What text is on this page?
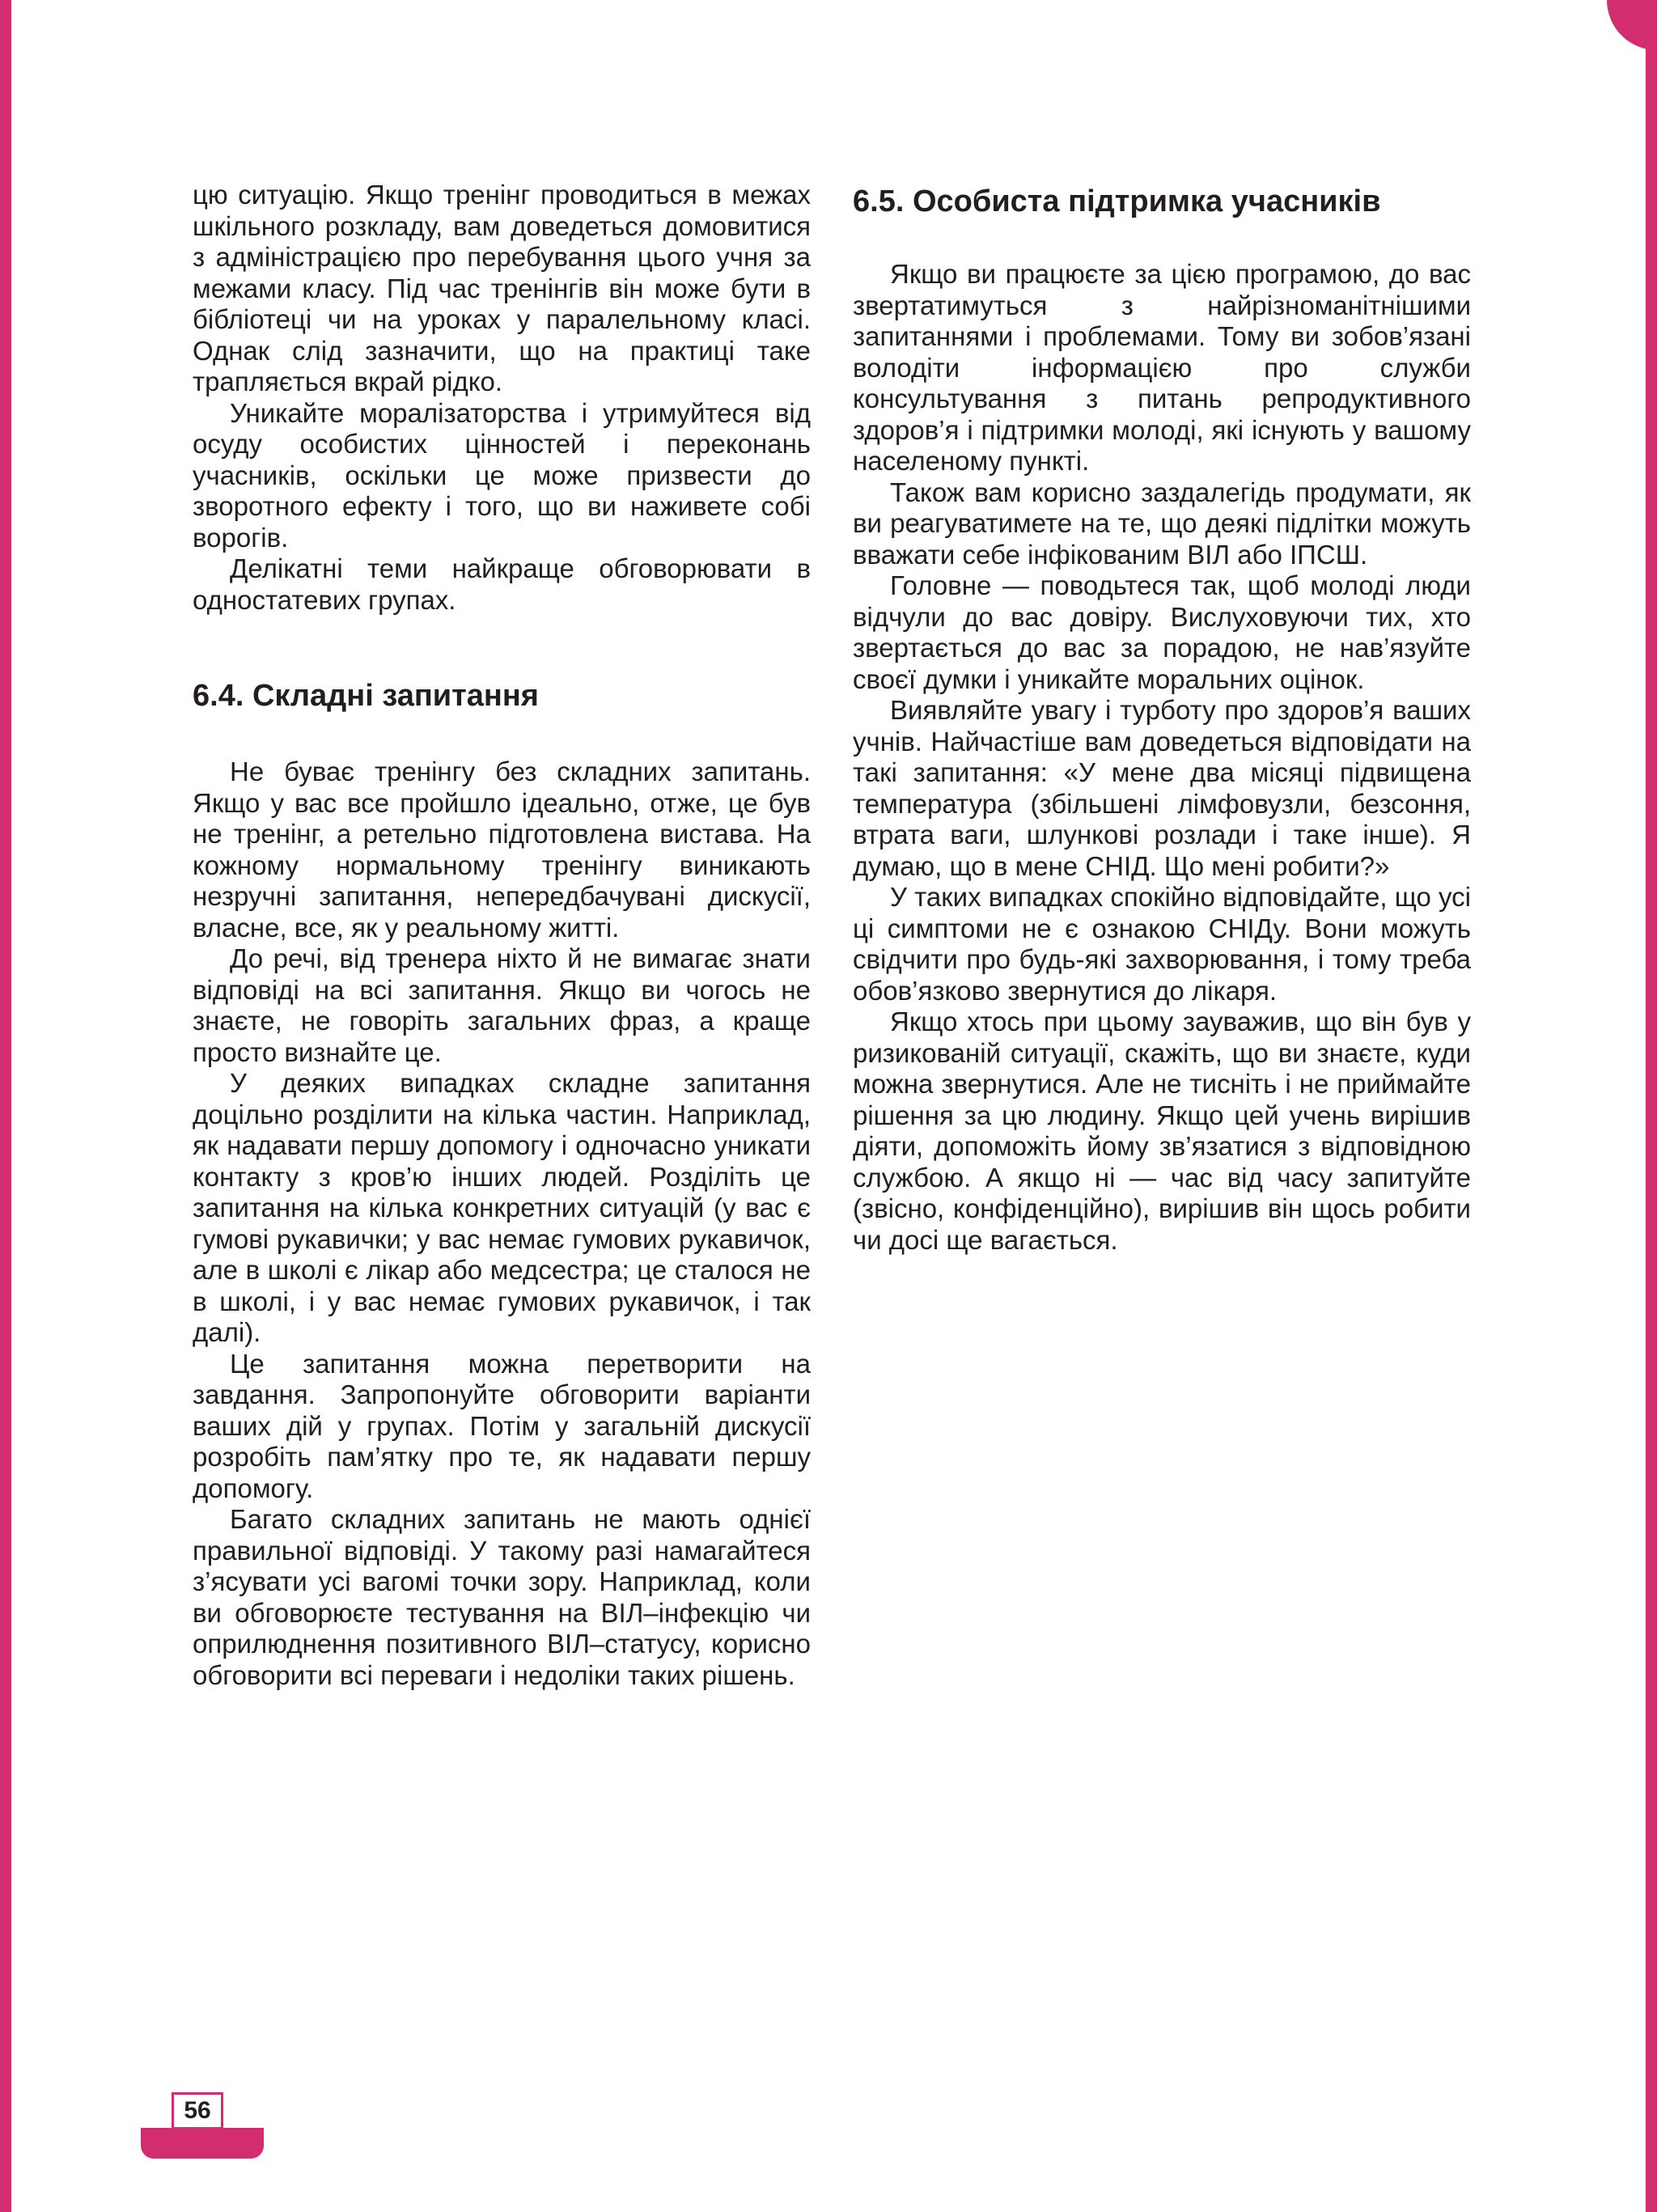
цю ситуацію. Якщо тренінг проводиться в межах шкільного розкладу, вам доведеться домовитися з адміністрацією про перебування цього учня за межами класу. Під час тренінгів він може бути в бібліотеці чи на уроках у паралельному класі. Однак слід зазначити, що на практиці таке трапляється вкрай рідко.

Уникайте моралізаторства і утримуйтеся від осуду особистих цінностей і переконань учасників, оскільки це може призвести до зворотного ефекту і того, що ви наживете собі ворогів.

Делікатні теми найкраще обговорювати в одностатевих групах.

6.4. Складні запитання

Не буває тренінгу без складних запитань. Якщо у вас все пройшло ідеально, отже, це був не тренінг, а ретельно підготовлена вистава. На кожному нормальному тренінгу виникають незручні запитання, непередбачувані дискусії, власне, все, як у реальному житті.

До речі, від тренера ніхто й не вимагає знати відповіді на всі запитання. Якщо ви чогось не знаєте, не говоріть загальних фраз, а краще просто визнайте це.

У деяких випадках складне запитання доцільно розділити на кілька частин. Наприклад, як надавати першу допомогу і одночасно уникати контакту з кров’ю інших людей. Розділіть це запитання на кілька конкретних ситуацій (у вас є гумові рукавички; у вас немає гумових рукавичок, але в школі є лікар або медсестра; це сталося не в школі, і у вас немає гумових рукавичок, і так далі).

Це запитання можна перетворити на завдання. Запропонуйте обговорити варіанти ваших дій у групах. Потім у загальній дискусії розробіть пам’ятку про те, як надавати першу допомогу.

Багато складних запитань не мають однієї правильної відповіді. У такому разі намагайтеся з’ясувати усі вагомі точки зору. Наприклад, коли ви обговорюєте тестування на ВІЛ–інфекцію чи оприлюднення позитивного ВІЛ–статусу, корисно обговорити всі переваги і недоліки таких рішень.

6.5. Особиста підтримка учасників

Якщо ви працюєте за цією програмою, до вас звертатимуться з найрізноманітнішими запитаннями і проблемами. Тому ви зобов’язані володіти інформацією про служби консультування з питань репродуктивного здоров’я і підтримки молоді, які існують у вашому населеному пункті.

Також вам корисно заздалегідь продумати, як ви реагуватимете на те, що деякі підлітки можуть вважати себе інфікованим ВІЛ або ІПСШ.

Головне — поводьтеся так, щоб молоді люди відчули до вас довіру. Вислуховуючи тих, хто звертається до вас за порадою, не нав’язуйте своєї думки і уникайте моральних оцінок.

Виявляйте увагу і турботу про здоров’я ваших учнів. Найчастіше вам доведеться відповідати на такі запитання: «У мене два місяці підвищена температура (збільшені лімфовузли, безсоння, втрата ваги, шлункові розлади і таке інше). Я думаю, що в мене СНІД. Що мені робити?»

У таких випадках спокійно відповідайте, що усі ці симптоми не є ознакою СНІДу. Вони можуть свідчити про будь-які захворювання, і тому треба обов’язково звернутися до лікаря.

Якщо хтось при цьому зауважив, що він був у ризикованій ситуації, скажіть, що ви знаєте, куди можна звернутися. Але не тисніть і не приймайте рішення за цю людину. Якщо цей учень вирішив діяти, допоможіть йому зв’язатися з відповідною службою. А якщо ні — час від часу запитуйте (звісно, конфіденційно), вирішив він щось робити чи досі ще вагається.

56
